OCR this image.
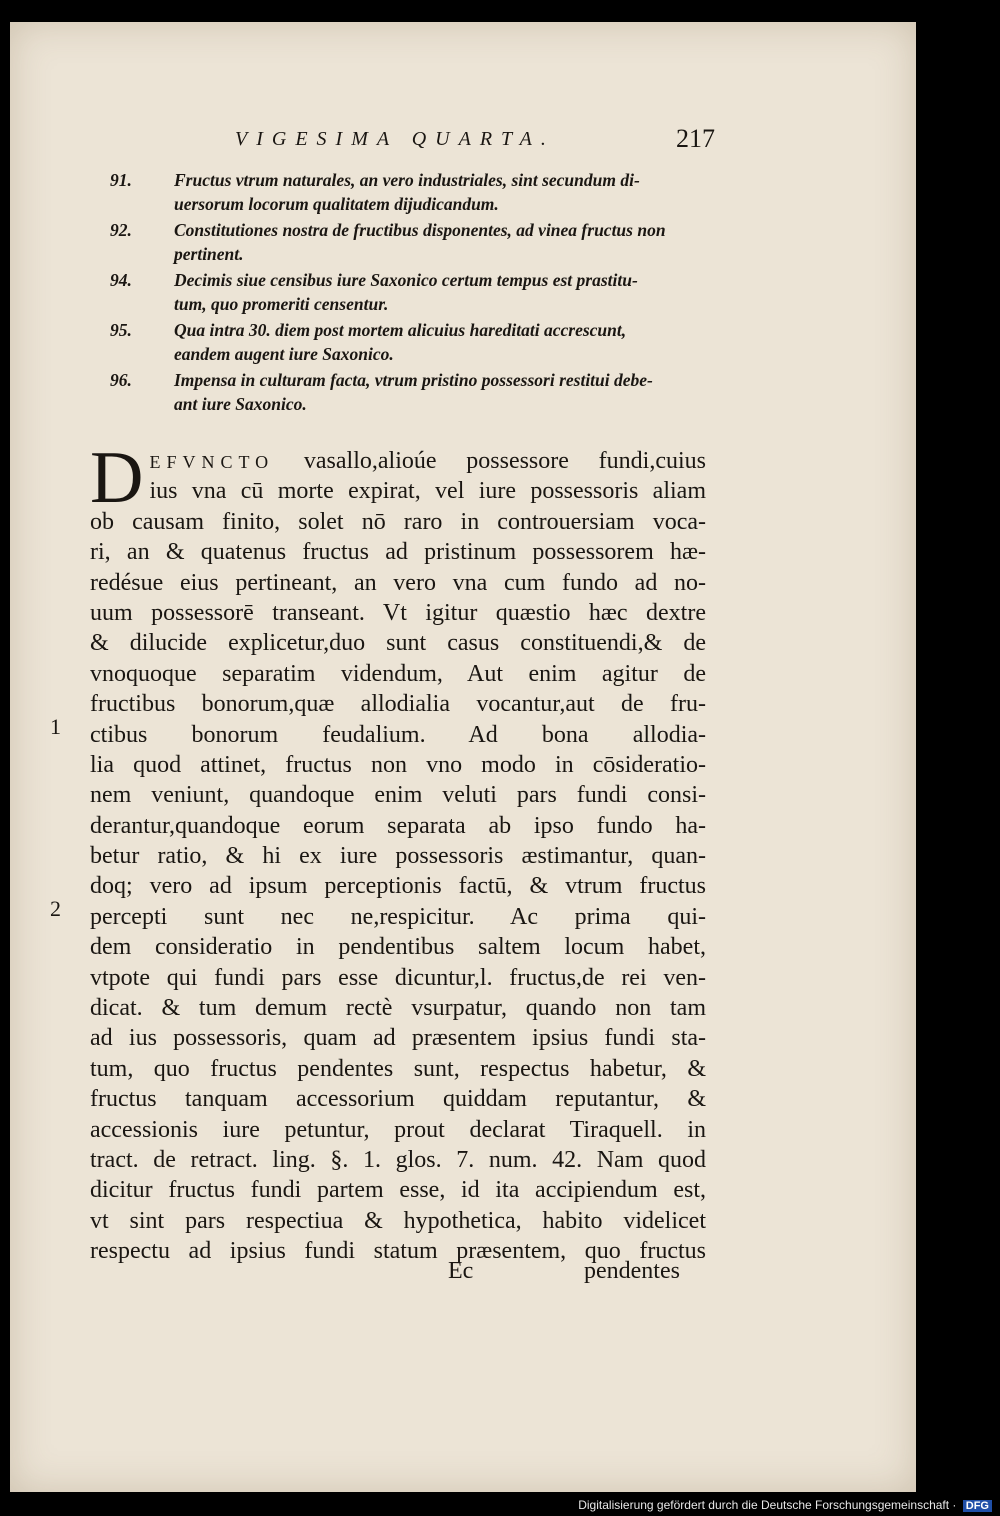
VIGESIMA QUARTA.	217
91. Fructus vtrum naturales, an vero industriales, sint secundum di-
uersorum locorum qualitatem dijudicandum.
92. Constitutiones nostra de fructibus disponentes, ad vinea fructus non
pertinent.
94. Decimis siue censibus iure Saxonico certum tempus est prastitu-
tum, quo promeriti censentur.
95. Qua intra 30. diem post mortem alicuius hareditati accrescunt,
eandem augent iure Saxonico.
96. Impensa in culturam facta, vtrum pristino possessori restitui debe-
ant iure Saxonico.
D EFVNCTO vasallo,alioúe possessore fundi,cuius
ius vna cū morte expirat, vel iure possessoris aliam
ob causam finito, solet nō raro in controuersiam voca-
ri, an & quatenus fructus ad pristinum possessorem hæ-
redésue eius pertineant, an vero vna cum fundo ad no-
uum possessorē transeant. Vt igitur quæstio hæc dextre
& dilucide explicetur,duo sunt casus constituendi,& de
vnoquoque separatim videndum, Aut enim agitur de
fructibus bonorum,quæ allodialia vocantur,aut de fru-
ctibus bonorum feudalium. Ad bona allodia-
lia quod attinet, fructus non vno modo in cōsideratio-
nem veniunt, quandoque enim veluti pars fundi consi-
derantur,quandoque eorum separata ab ipso fundo ha-
betur ratio, & hi ex iure possessoris æstimantur, quan-
doq; vero ad ipsum perceptionis factū, & vtrum fructus
percepti sunt nec ne,respicitur. Ac prima qui-
dem consideratio in pendentibus saltem locum habet,
vtpote qui fundi pars esse dicuntur,l. fructus,de rei ven-
dicat. & tum demum rectè vsurpatur, quando non tam
ad ius possessoris, quam ad præsentem ipsius fundi sta-
tum, quo fructus pendentes sunt, respectus habetur, &
fructus tanquam accessorium quiddam reputantur, &
accessionis iure petuntur, prout declarat Tiraquell. in
tract. de retract. ling. §. 1. glos. 7. num. 42. Nam quod
dicitur fructus fundi partem esse, id ita accipiendum est,
vt sint pars respectiua & hypothetica, habito videlicet
respectu ad ipsius fundi statum præsentem, quo fructus
1
2
Ec	pendentes
Digitalisierung gefördert durch die Deutsche Forschungsgemeinschaft · DFG
